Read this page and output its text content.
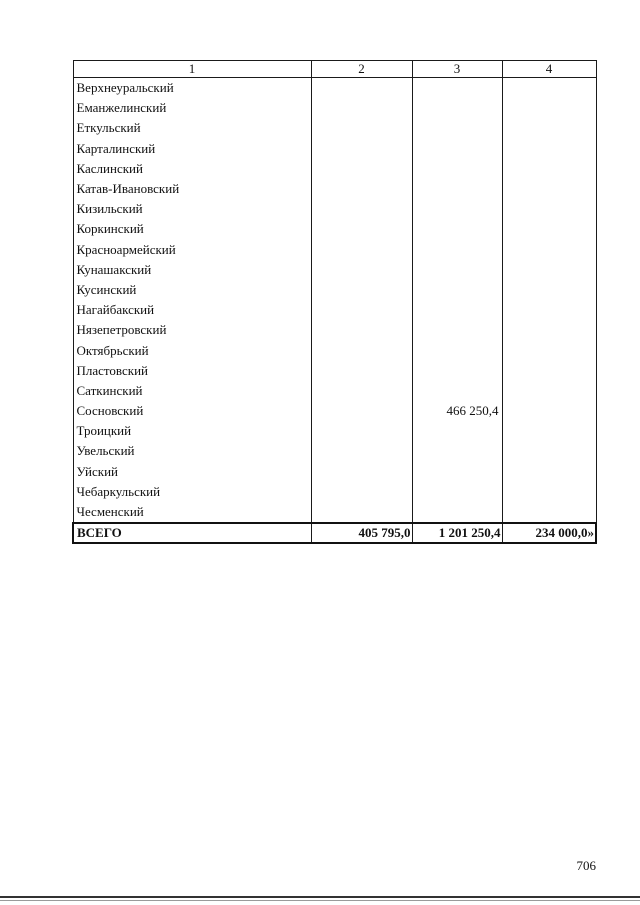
1	2	3	4
Верхнеуральский			
Еманжелинский			
Еткульский			
Карталинский			
Каслинский			
Катав-Ивановский			
Кизильский			
Коркинский			
Красноармейский			
Кунашакский			
Кусинский			
Нагайбакский			
Нязепетровский			
Октябрьский			
Пластовский			
Саткинский			
Сосновский		466 250,4	
Троицкий			
Увельский			
Уйский			
Чебаркульский			
Чесменский			
ВСЕГО	405 795,0	1 201 250,4	234 000,0»
706
